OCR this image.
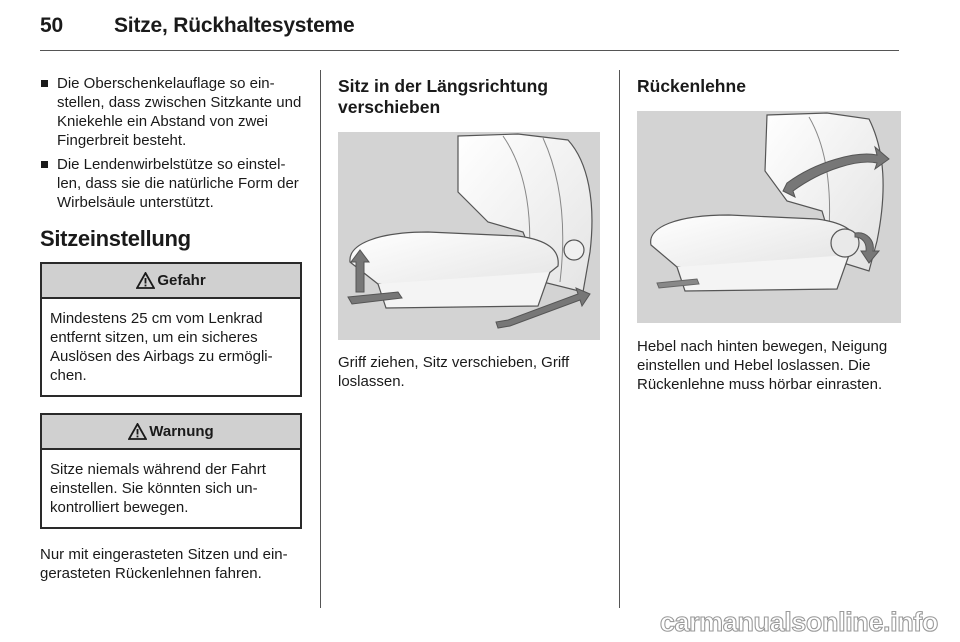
50 Sitze, Rückhaltesysteme
Die Oberschenkelauflage so ein-stellen, dass zwischen Sitzkante und Kniekehle ein Abstand von zwei Fingerbreit besteht.
Die Lendenwirbelstütze so einstel-len, dass sie die natürliche Form der Wirbelsäule unterstützt.
Sitzeinstellung
Gefahr
Mindestens 25 cm vom Lenkrad entfernt sitzen, um ein sicheres Auslösen des Airbags zu ermögli-chen.
Warnung
Sitze niemals während der Fahrt einstellen. Sie könnten sich un-kontrolliert bewegen.

Nur mit eingerasteten Sitzen und ein-gerasteten Rückenlehnen fahren.

Sitz in der Längsrichtung verschieben

Griff ziehen, Sitz verschieben, Griff loslassen.

Rückenlehne

Hebel nach hinten bewegen, Neigung einstellen und Hebel loslassen. Die Rückenlehne muss hörbar einrasten.

carmanualsonline.info
